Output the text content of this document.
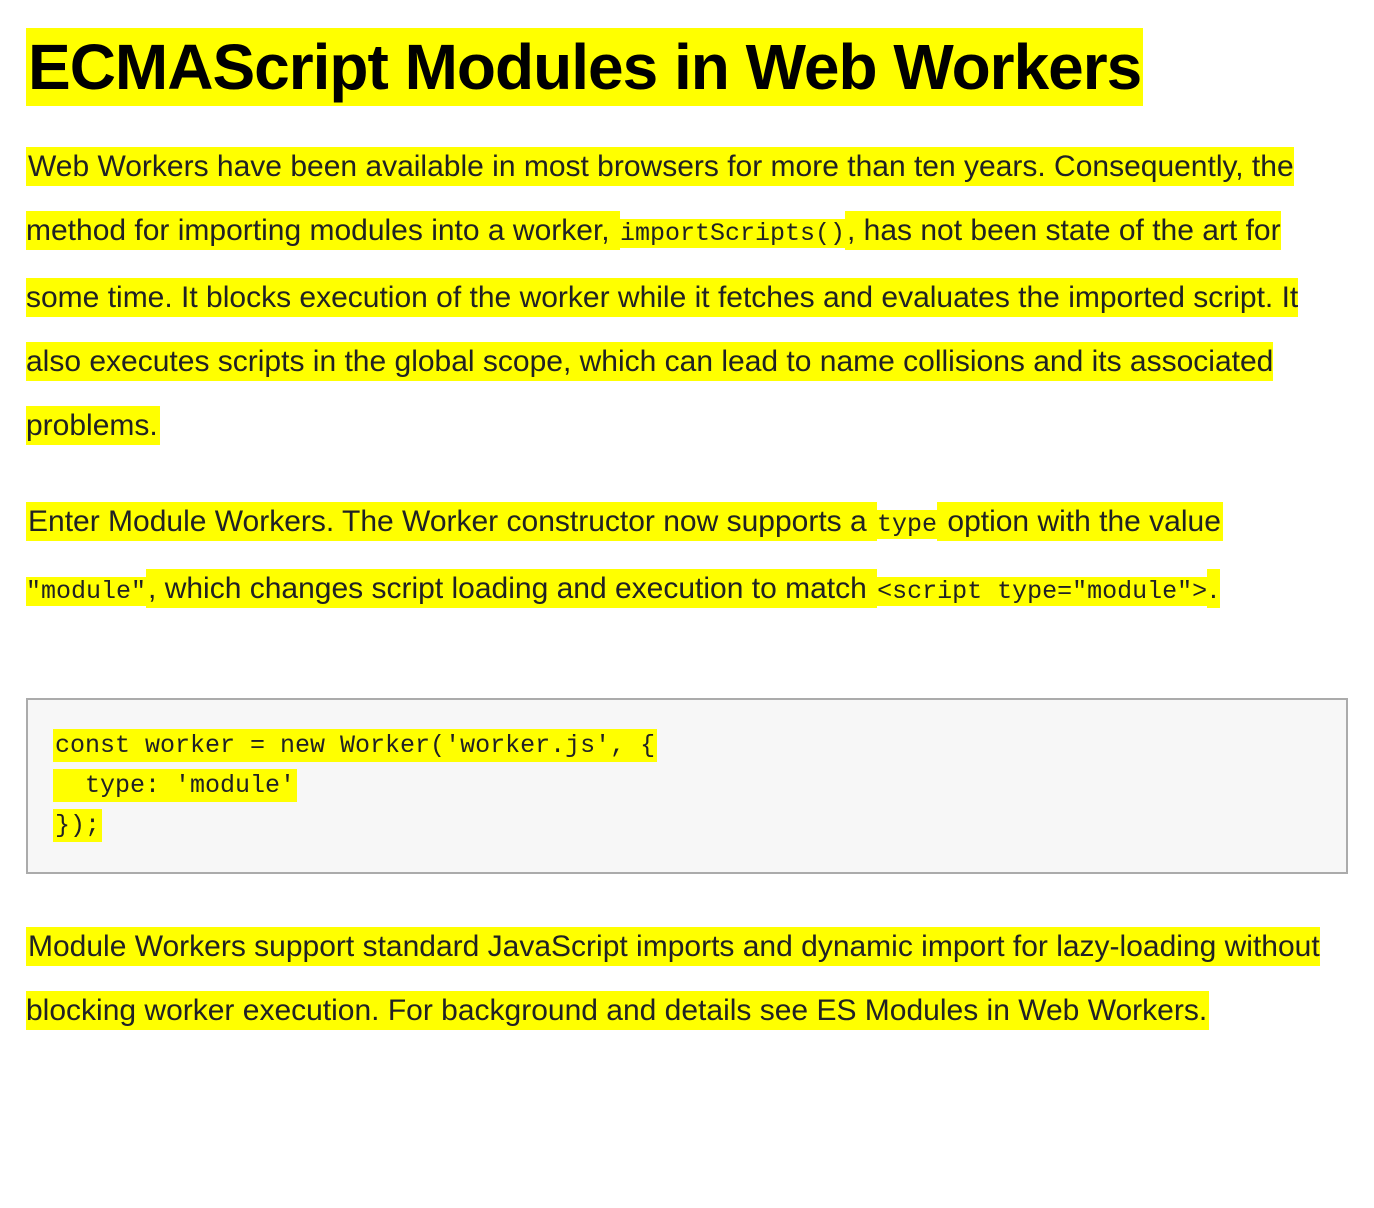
ECMAScript Modules in Web Workers

Web Workers have been available in most browsers for more than ten years. Consequently, the method for importing modules into a worker, importScripts(), has not been state of the art for some time. It blocks execution of the worker while it fetches and evaluates the imported script. It also executes scripts in the global scope, which can lead to name collisions and its associated problems.

Enter Module Workers. The Worker constructor now supports a type option with the value "module", which changes script loading and execution to match <script type="module">.

const worker = new Worker('worker.js', {
type: 'module'
});

Module Workers support standard JavaScript imports and dynamic import for lazy-loading without blocking worker execution. For background and details see ES Modules in Web Workers.
